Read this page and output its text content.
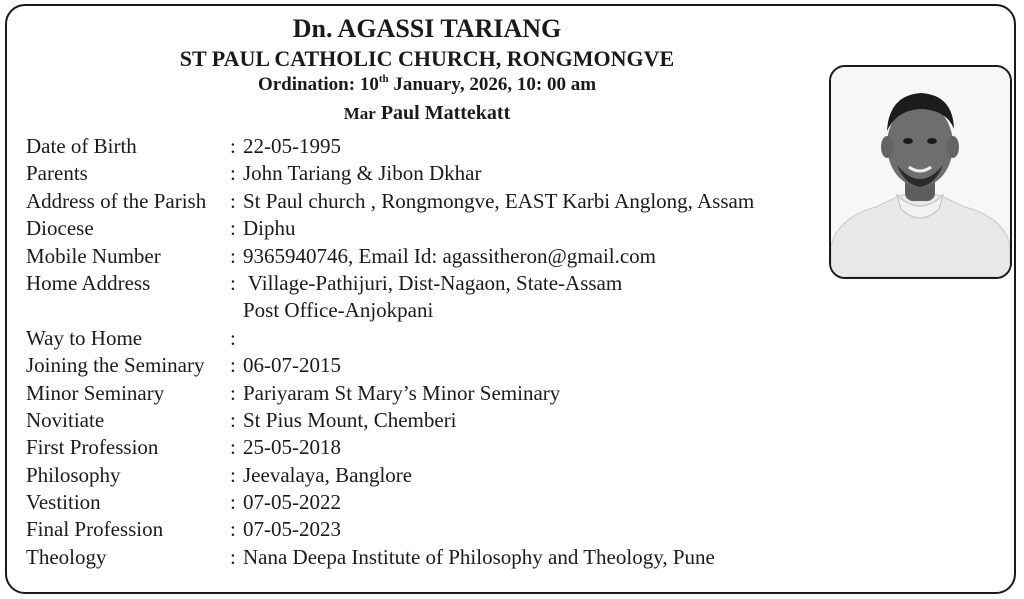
Dn. AGASSI TARIANG
ST PAUL CATHOLIC CHURCH, RONGMONGVE
Ordination: 10th January, 2026, 10: 00 am
Mar Paul Mattekatt
Date of Birth	: 22-05-1995
Parents	: John Tariang & Jibon Dkhar
Address of the Parish : St Paul church , Rongmongve, EAST Karbi Anglong, Assam
Diocese	: Diphu
Mobile Number	: 9365940746, Email Id: agassitheron@gmail.com
Home Address	: Village-Pathijuri, Dist-Nagaon, State-Assam
Post Office-Anjokpani
Way to Home	:
Joining the Seminary : 06-07-2015
Minor Seminary	: Pariyaram St Mary’s Minor Seminary
Novitiate	: St Pius Mount, Chemberi
First Profession	: 25-05-2018
Philosophy	: Jeevalaya, Banglore
Vestition	: 07-05-2022
Final Profession	: 07-05-2023
Theology	: Nana Deepa Institute of Philosophy and Theology, Pune
